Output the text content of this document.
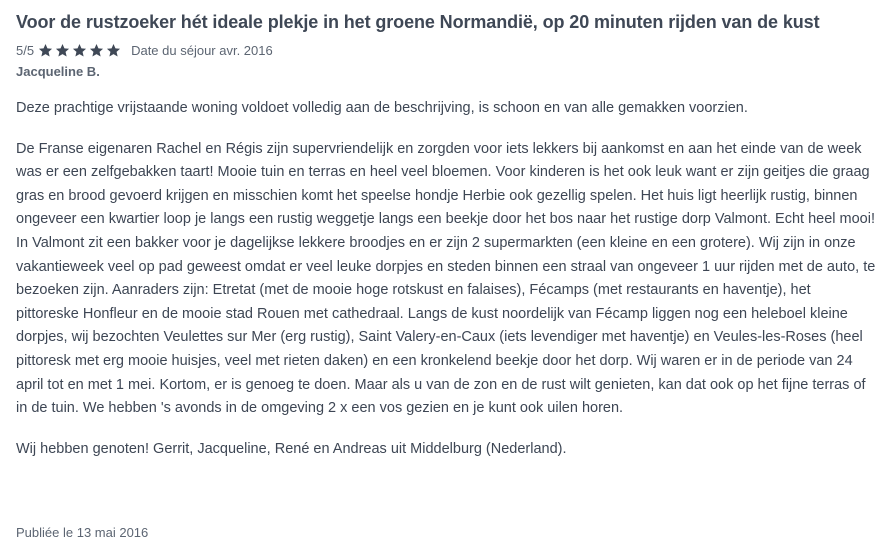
Voor de rustzoeker hét ideale plekje in het groene Normandië, op 20 minuten rijden van de kust
5/5	Date du séjour avr. 2016
Jacqueline B.

Deze prachtige vrijstaande woning voldoet volledig aan de beschrijving, is schoon en van alle gemakken voorzien.

De Franse eigenaren Rachel en Régis zijn supervriendelijk en zorgden voor iets lekkers bij aankomst en aan het einde van de week was er een zelfgebakken taart! Mooie tuin en terras en heel veel bloemen. Voor kinderen is het ook leuk want er zijn geitjes die graag gras en brood gevoerd krijgen en misschien komt het speelse hondje Herbie ook gezellig spelen. Het huis ligt heerlijk rustig, binnen ongeveer een kwartier loop je langs een rustig weggetje langs een beekje door het bos naar het rustige dorp Valmont. Echt heel mooi! In Valmont zit een bakker voor je dagelijkse lekkere broodjes en er zijn 2 supermarkten (een kleine en een grotere). Wij zijn in onze vakantieweek veel op pad geweest omdat er veel leuke dorpjes en steden binnen een straal van ongeveer 1 uur rijden met de auto, te bezoeken zijn. Aanraders zijn: Etretat (met de mooie hoge rotskust en falaises), Fécamps (met restaurants en haventje), het pittoreske Honfleur en de mooie stad Rouen met cathedraal. Langs de kust noordelijk van Fécamp liggen nog een heleboel kleine dorpjes, wij bezochten Veulettes sur Mer (erg rustig), Saint Valery-en-Caux (iets levendiger met haventje) en Veules-les-Roses (heel pittoresk met erg mooie huisjes, veel met rieten daken) en een kronkelend beekje door het dorp. Wij waren er in de periode van 24 april tot en met 1 mei. Kortom, er is genoeg te doen. Maar als u van de zon en de rust wilt genieten, kan dat ook op het fijne terras of in de tuin. We hebben 's avonds in de omgeving 2 x een vos gezien en je kunt ook uilen horen.

Wij hebben genoten! Gerrit, Jacqueline, René en Andreas uit Middelburg (Nederland).

Publiée le 13 mai 2016
